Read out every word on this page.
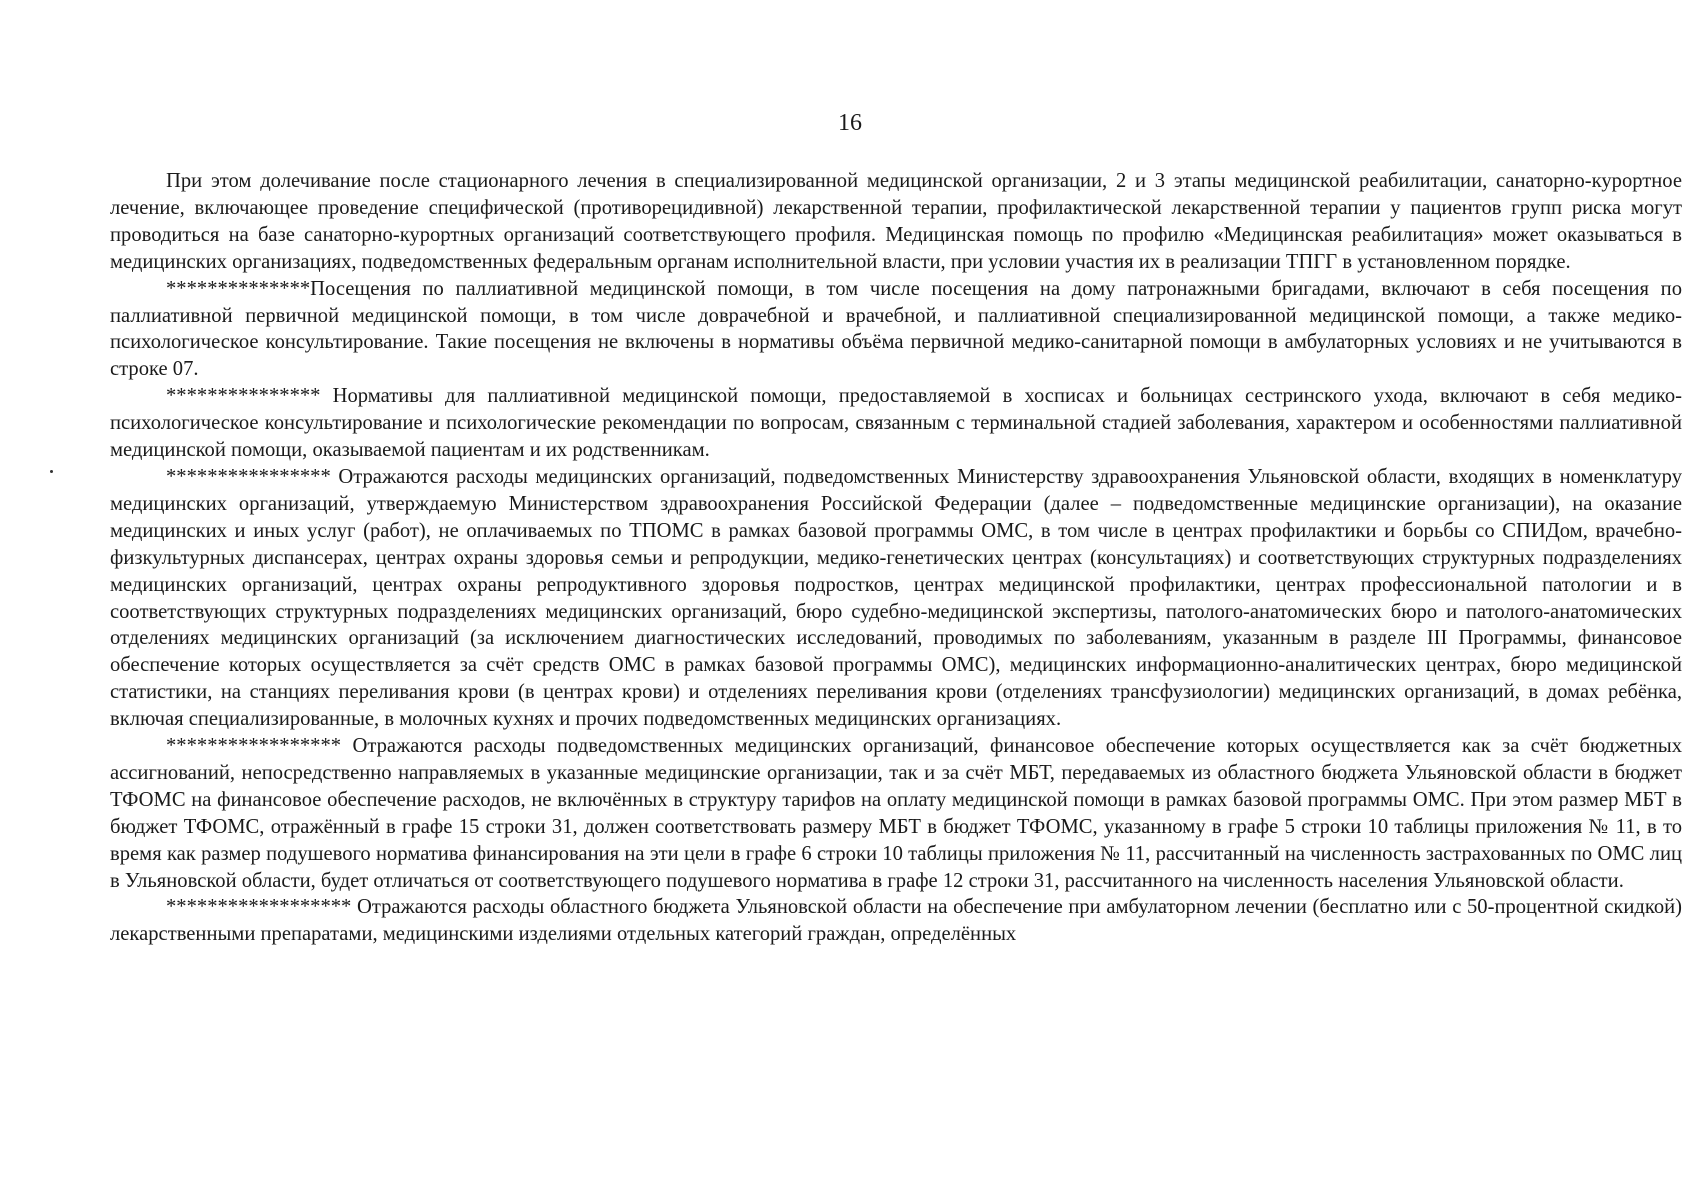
16

При этом долечивание после стационарного лечения в специализированной медицинской организации, 2 и 3 этапы медицинской реабилитации, санаторно-курортное лечение, включающее проведение специфической (противорецидивной) лекарственной терапии, профилактической лекарственной терапии у пациентов групп риска могут проводиться на базе санаторно-курортных организаций соответствующего профиля. Медицинская помощь по профилю «Медицинская реабилитация» может оказываться в медицинских организациях, подведомственных федеральным органам исполнительной власти, при условии участия их в реализации ТПГГ в установленном порядке.

**************Посещения по паллиативной медицинской помощи, в том числе посещения на дому патронажными бригадами, включают в себя посещения по паллиативной первичной медицинской помощи, в том числе доврачебной и врачебной, и паллиативной специализированной медицинской помощи, а также медико-психологическое консультирование. Такие посещения не включены в нормативы объёма первичной медико-санитарной помощи в амбулаторных условиях и не учитываются в строке 07.

*************** Нормативы для паллиативной медицинской помощи, предоставляемой в хосписах и больницах сестринского ухода, включают в себя медико-психологическое консультирование и психологические рекомендации по вопросам, связанным с терминальной стадией заболевания, характером и особенностями паллиативной медицинской помощи, оказываемой пациентам и их родственникам.

**************** Отражаются расходы медицинских организаций, подведомственных Министерству здравоохранения Ульяновской области, входящих в номенклатуру медицинских организаций, утверждаемую Министерством здравоохранения Российской Федерации (далее – подведомственные медицинские организации), на оказание медицинских и иных услуг (работ), не оплачиваемых по ТПОМС в рамках базовой программы ОМС, в том числе в центрах профилактики и борьбы со СПИДом, врачебно-физкультурных диспансерах, центрах охраны здоровья семьи и репродукции, медико-генетических центрах (консультациях) и соответствующих структурных подразделениях медицинских организаций, центрах охраны репродуктивного здоровья подростков, центрах медицинской профилактики, центрах профессиональной патологии и в соответствующих структурных подразделениях медицинских организаций, бюро судебно-медицинской экспертизы, патолого-анатомических бюро и патолого-анатомических отделениях медицинских организаций (за исключением диагностических исследований, проводимых по заболеваниям, указанным в разделе III Программы, финансовое обеспечение которых осуществляется за счёт средств ОМС в рамках базовой программы ОМС), медицинских информационно-аналитических центрах, бюро медицинской статистики, на станциях переливания крови (в центрах крови) и отделениях переливания крови (отделениях трансфузиологии) медицинских организаций, в домах ребёнка, включая специализированные, в молочных кухнях и прочих подведомственных медицинских организациях.

***************** Отражаются расходы подведомственных медицинских организаций, финансовое обеспечение которых осуществляется как за счёт бюджетных ассигнований, непосредственно направляемых в указанные медицинские организации, так и за счёт МБТ, передаваемых из областного бюджета Ульяновской области в бюджет ТФОМС на финансовое обеспечение расходов, не включённых в структуру тарифов на оплату медицинской помощи в рамках базовой программы ОМС. При этом размер МБТ в бюджет ТФОМС, отражённый в графе 15 строки 31, должен соответствовать размеру МБТ в бюджет ТФОМС, указанному в графе 5 строки 10 таблицы приложения № 11, в то время как размер подушевого норматива финансирования на эти цели в графе 6 строки 10 таблицы приложения № 11, рассчитанный на численность застрахованных по ОМС лиц в Ульяновской области, будет отличаться от соответствующего подушевого норматива в графе 12 строки 31, рассчитанного на численность населения Ульяновской области.

****************** Отражаются расходы областного бюджета Ульяновской области на обеспечение при амбулаторном лечении (бесплатно или с 50-процентной скидкой) лекарственными препаратами, медицинскими изделиями отдельных категорий граждан, определённых
